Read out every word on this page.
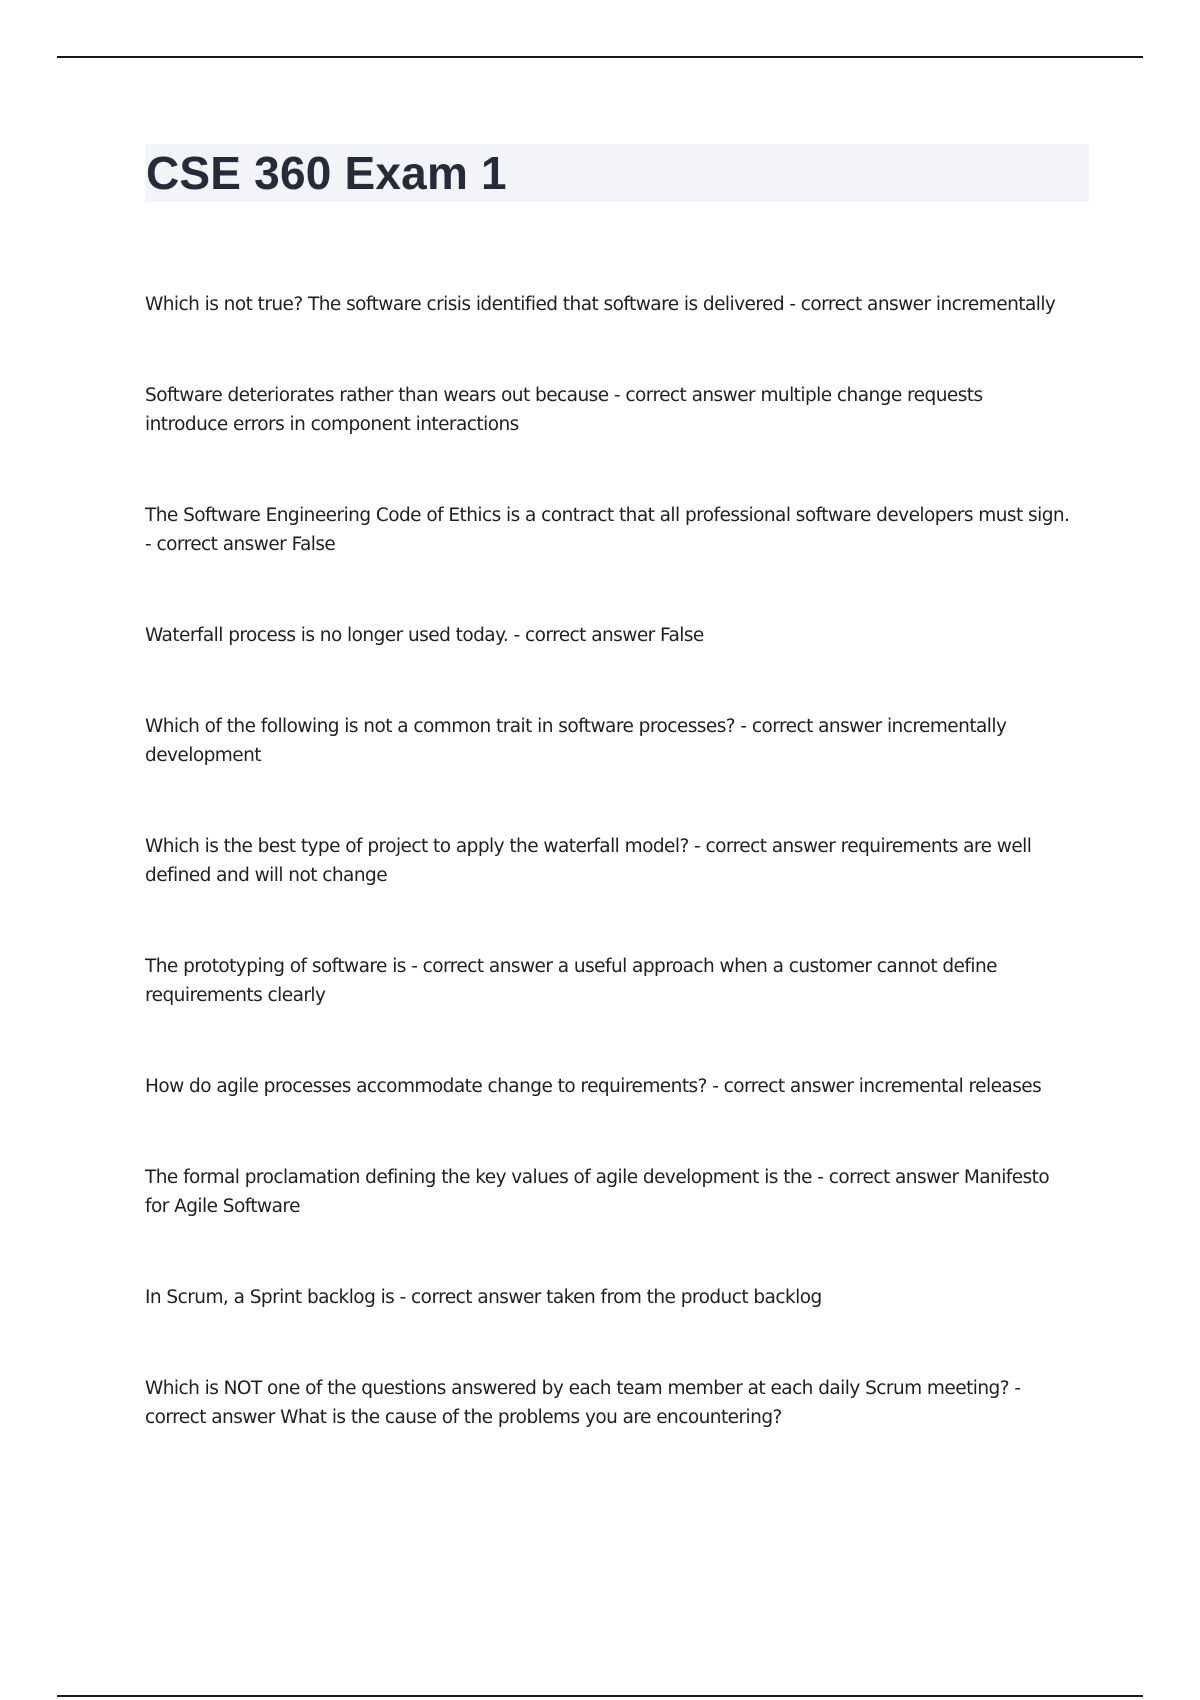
CSE 360 Exam 1
Which is not true? The software crisis identified that software is delivered - correct answer incrementally
Software deteriorates rather than wears out because - correct answer multiple change requests
introduce errors in component interactions
The Software Engineering Code of Ethics is a contract that all professional software developers must sign.
- correct answer False
Waterfall process is no longer used today. - correct answer False
Which of the following is not a common trait in software processes? - correct answer incrementally
development
Which is the best type of project to apply the waterfall model? - correct answer requirements are well
defined and will not change
The prototyping of software is - correct answer a useful approach when a customer cannot define
requirements clearly
How do agile processes accommodate change to requirements? - correct answer incremental releases
The formal proclamation defining the key values of agile development is the - correct answer Manifesto
for Agile Software
In Scrum, a Sprint backlog is - correct answer taken from the product backlog
Which is NOT one of the questions answered by each team member at each daily Scrum meeting? -
correct answer What is the cause of the problems you are encountering?
